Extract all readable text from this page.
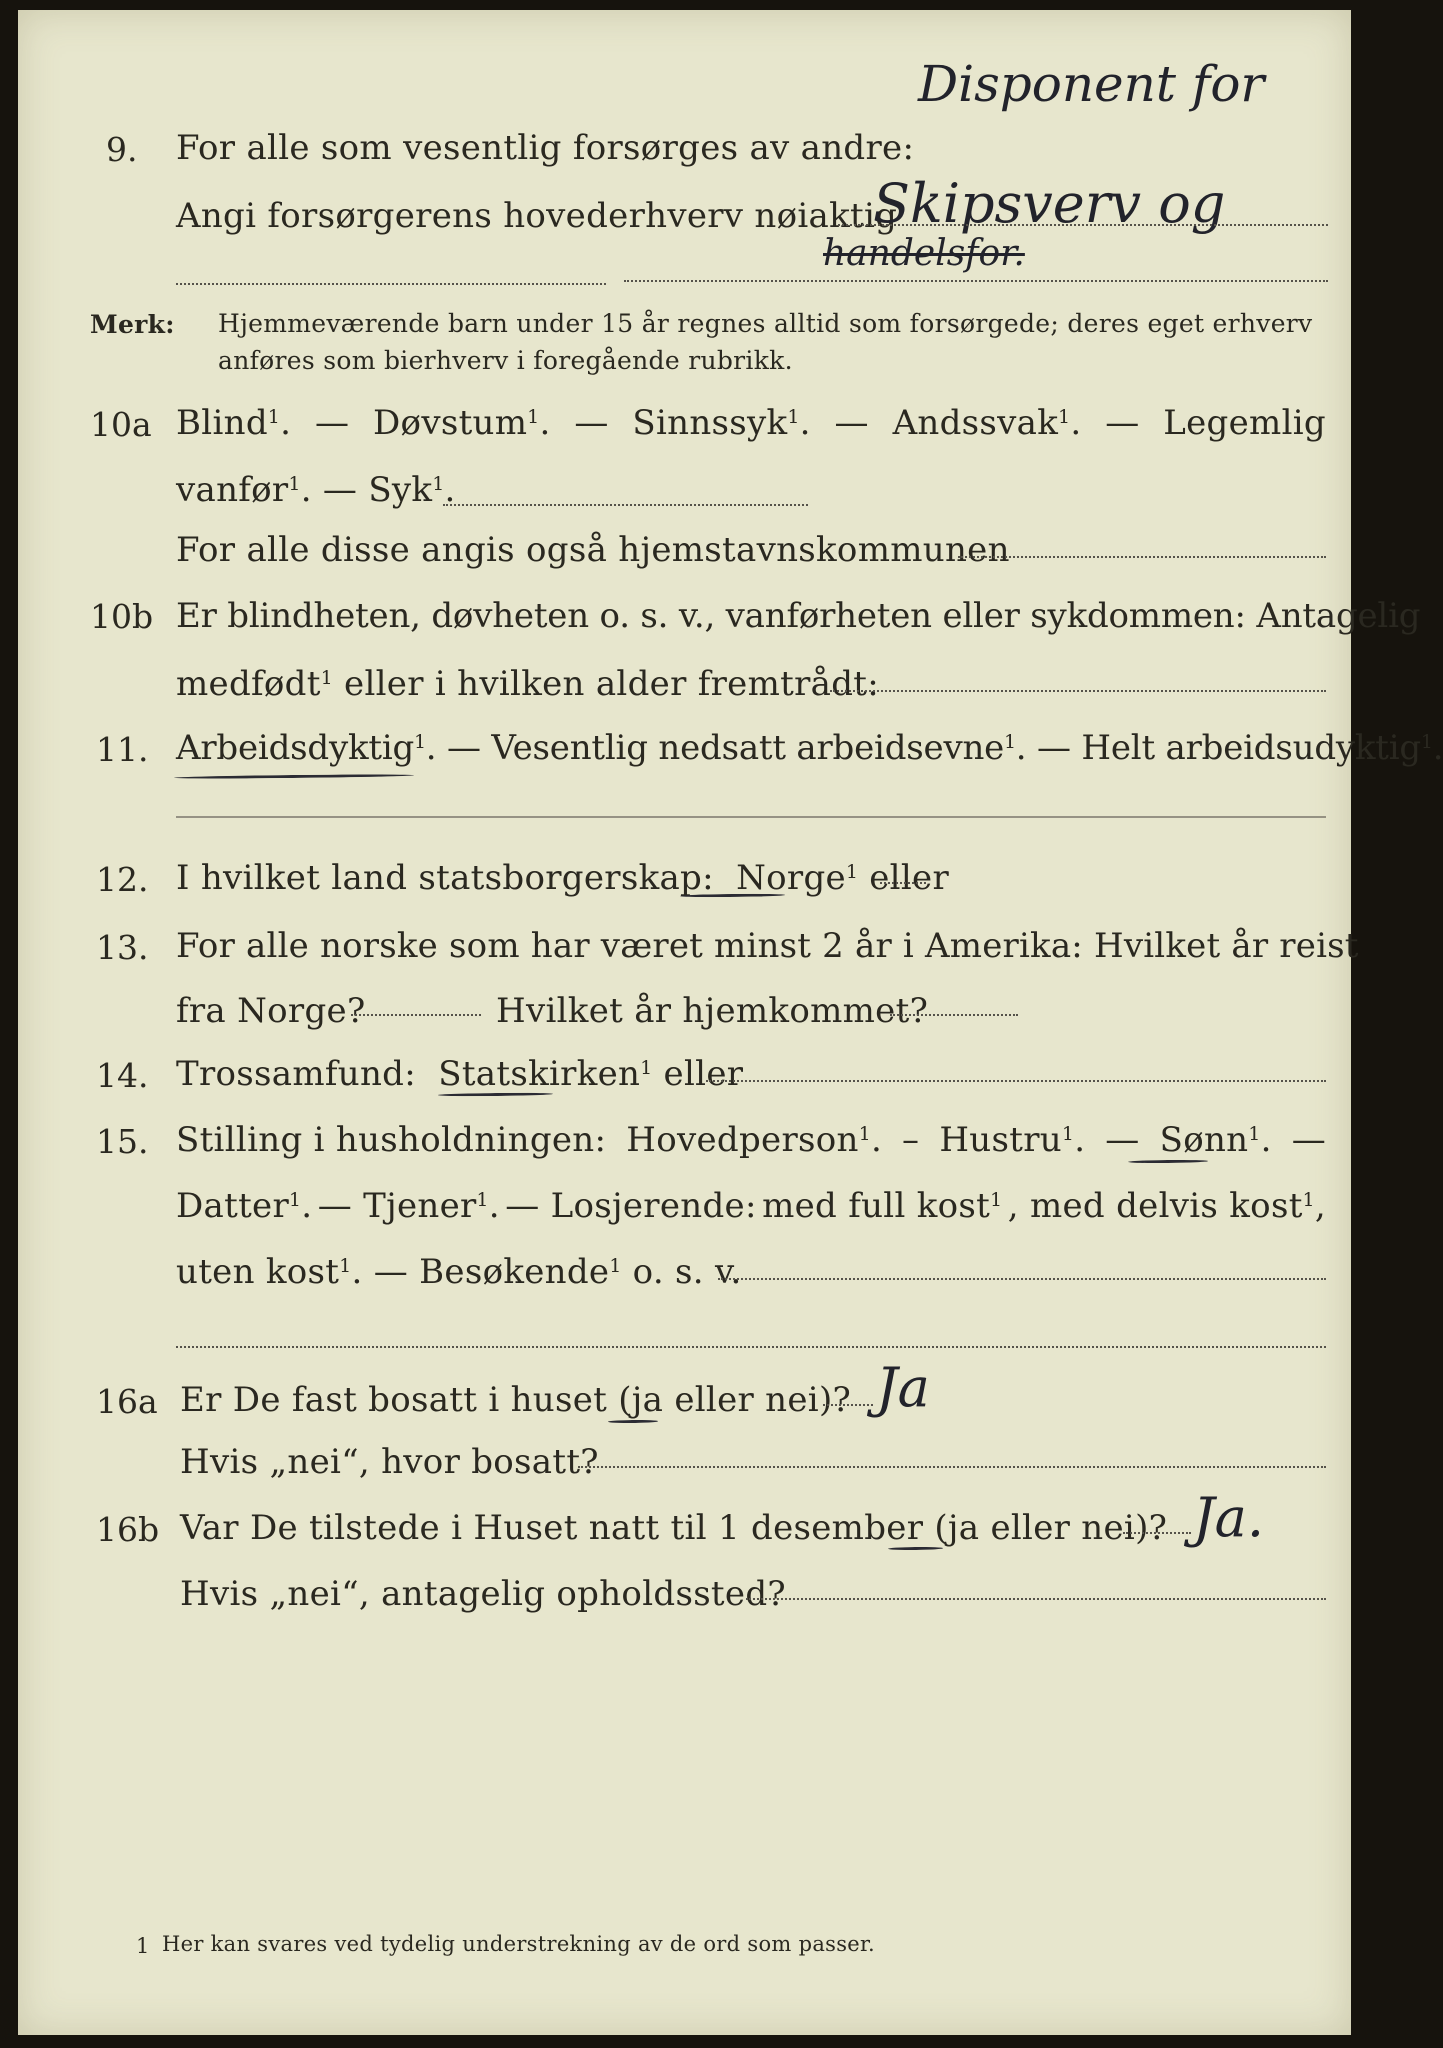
Disponent for
9. For alle som vesentlig forsørges av andre:
Angi forsørgerens hovederhverv nøiaktig
Skipsverv og
handelsfor.
Merk: Hjemmeværende barn under 15 år regnes alltid som forsørgede; deres eget erhverv
anføres som bierhverv i foregående rubrikk.
10a Blind$^1$. — Døvstum$^1$. — Sinnssyk$^1$. — Andssvak$^1$. — Legemlig
vanfør$^1$. — Syk$^1$.
For alle disse angis også hjemstavnskommunen
10b Er blindheten, døvheten o. s. v., vanførheten eller sykdommen: Antagelig
medfødt$^1$ eller i hvilken alder fremtrådt:
11. Arbeidsdyktig$^1$. — Vesentlig nedsatt arbeidsevne$^1$. — Helt arbeidsudyktig$^1$.
12. I hvilket land statsborgerskap: Norge$^1$ eller
13. For alle norske som har været minst 2 år i Amerika: Hvilket år reist
fra Norge?	Hvilket år hjemkommet?
14. Trossamfund: Statskirken$^1$ eller
15. Stilling i husholdningen: Hovedperson$^1$. – Hustru$^1$. — Sønn$^1$. —
Datter$^1$. — Tjener$^1$. — Losjerende: med full kost$^1$ , med delvis kost$^1$,
uten kost$^1$. — Besøkende$^1$ o. s. v.
16a Er De fast bosatt i huset (ja eller nei)? Ja
Hvis „nei“, hvor bosatt?
16b Var De tilstede i Huset natt til 1 desember (ja eller nei)? Ja.
Hvis „nei“, antagelig opholdssted?
1 Her kan svares ved tydelig understrekning av de ord som passer.
